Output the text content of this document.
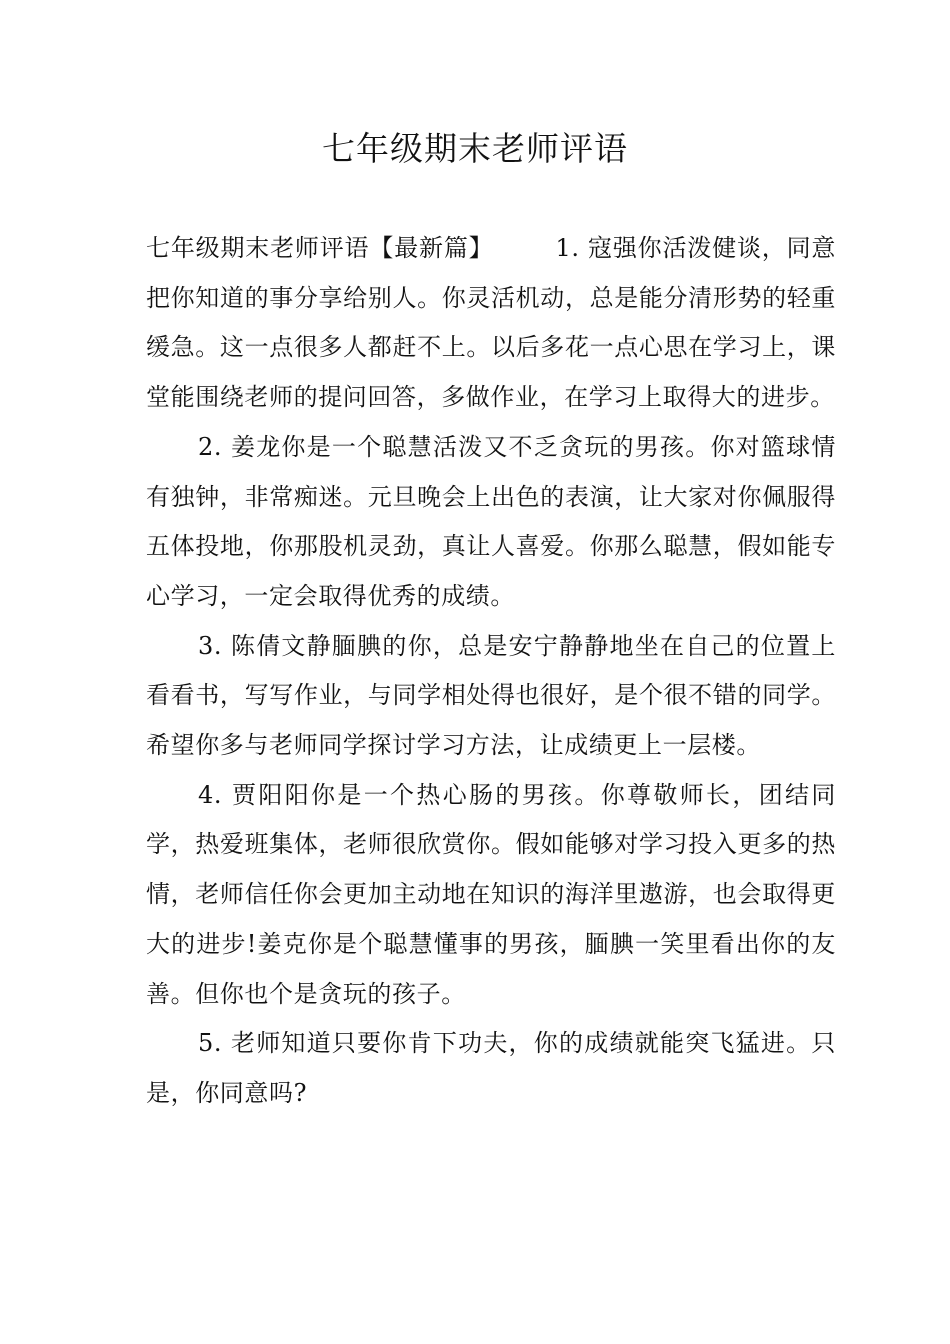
七年级期末老师评语

七年级期末老师评语【最新篇】	1. 寇强你活泼健谈，同意把你知道的事分享给别人。你灵活机动，总是能分清形势的轻重缓急。这一点很多人都赶不上。以后多花一点心思在学习上，课堂能围绕老师的提问回答，多做作业，在学习上取得大的进步。

2. 姜龙你是一个聪慧活泼又不乏贪玩的男孩。你对篮球情有独钟，非常痴迷。元旦晚会上出色的表演，让大家对你佩服得五体投地，你那股机灵劲，真让人喜爱。你那么聪慧，假如能专心学习，一定会取得优秀的成绩。

3. 陈倩文静腼腆的你，总是安宁静静地坐在自己的位置上看看书，写写作业，与同学相处得也很好，是个很不错的同学。希望你多与老师同学探讨学习方法，让成绩更上一层楼。

4. 贾阳阳你是一个热心肠的男孩。你尊敬师长，团结同学，热爱班集体，老师很欣赏你。假如能够对学习投入更多的热情，老师信任你会更加主动地在知识的海洋里遨游，也会取得更大的进步!姜克你是个聪慧懂事的男孩，腼腆一笑里看出你的友善。但你也个是贪玩的孩子。

5. 老师知道只要你肯下功夫，你的成绩就能突飞猛进。只是，你同意吗?
